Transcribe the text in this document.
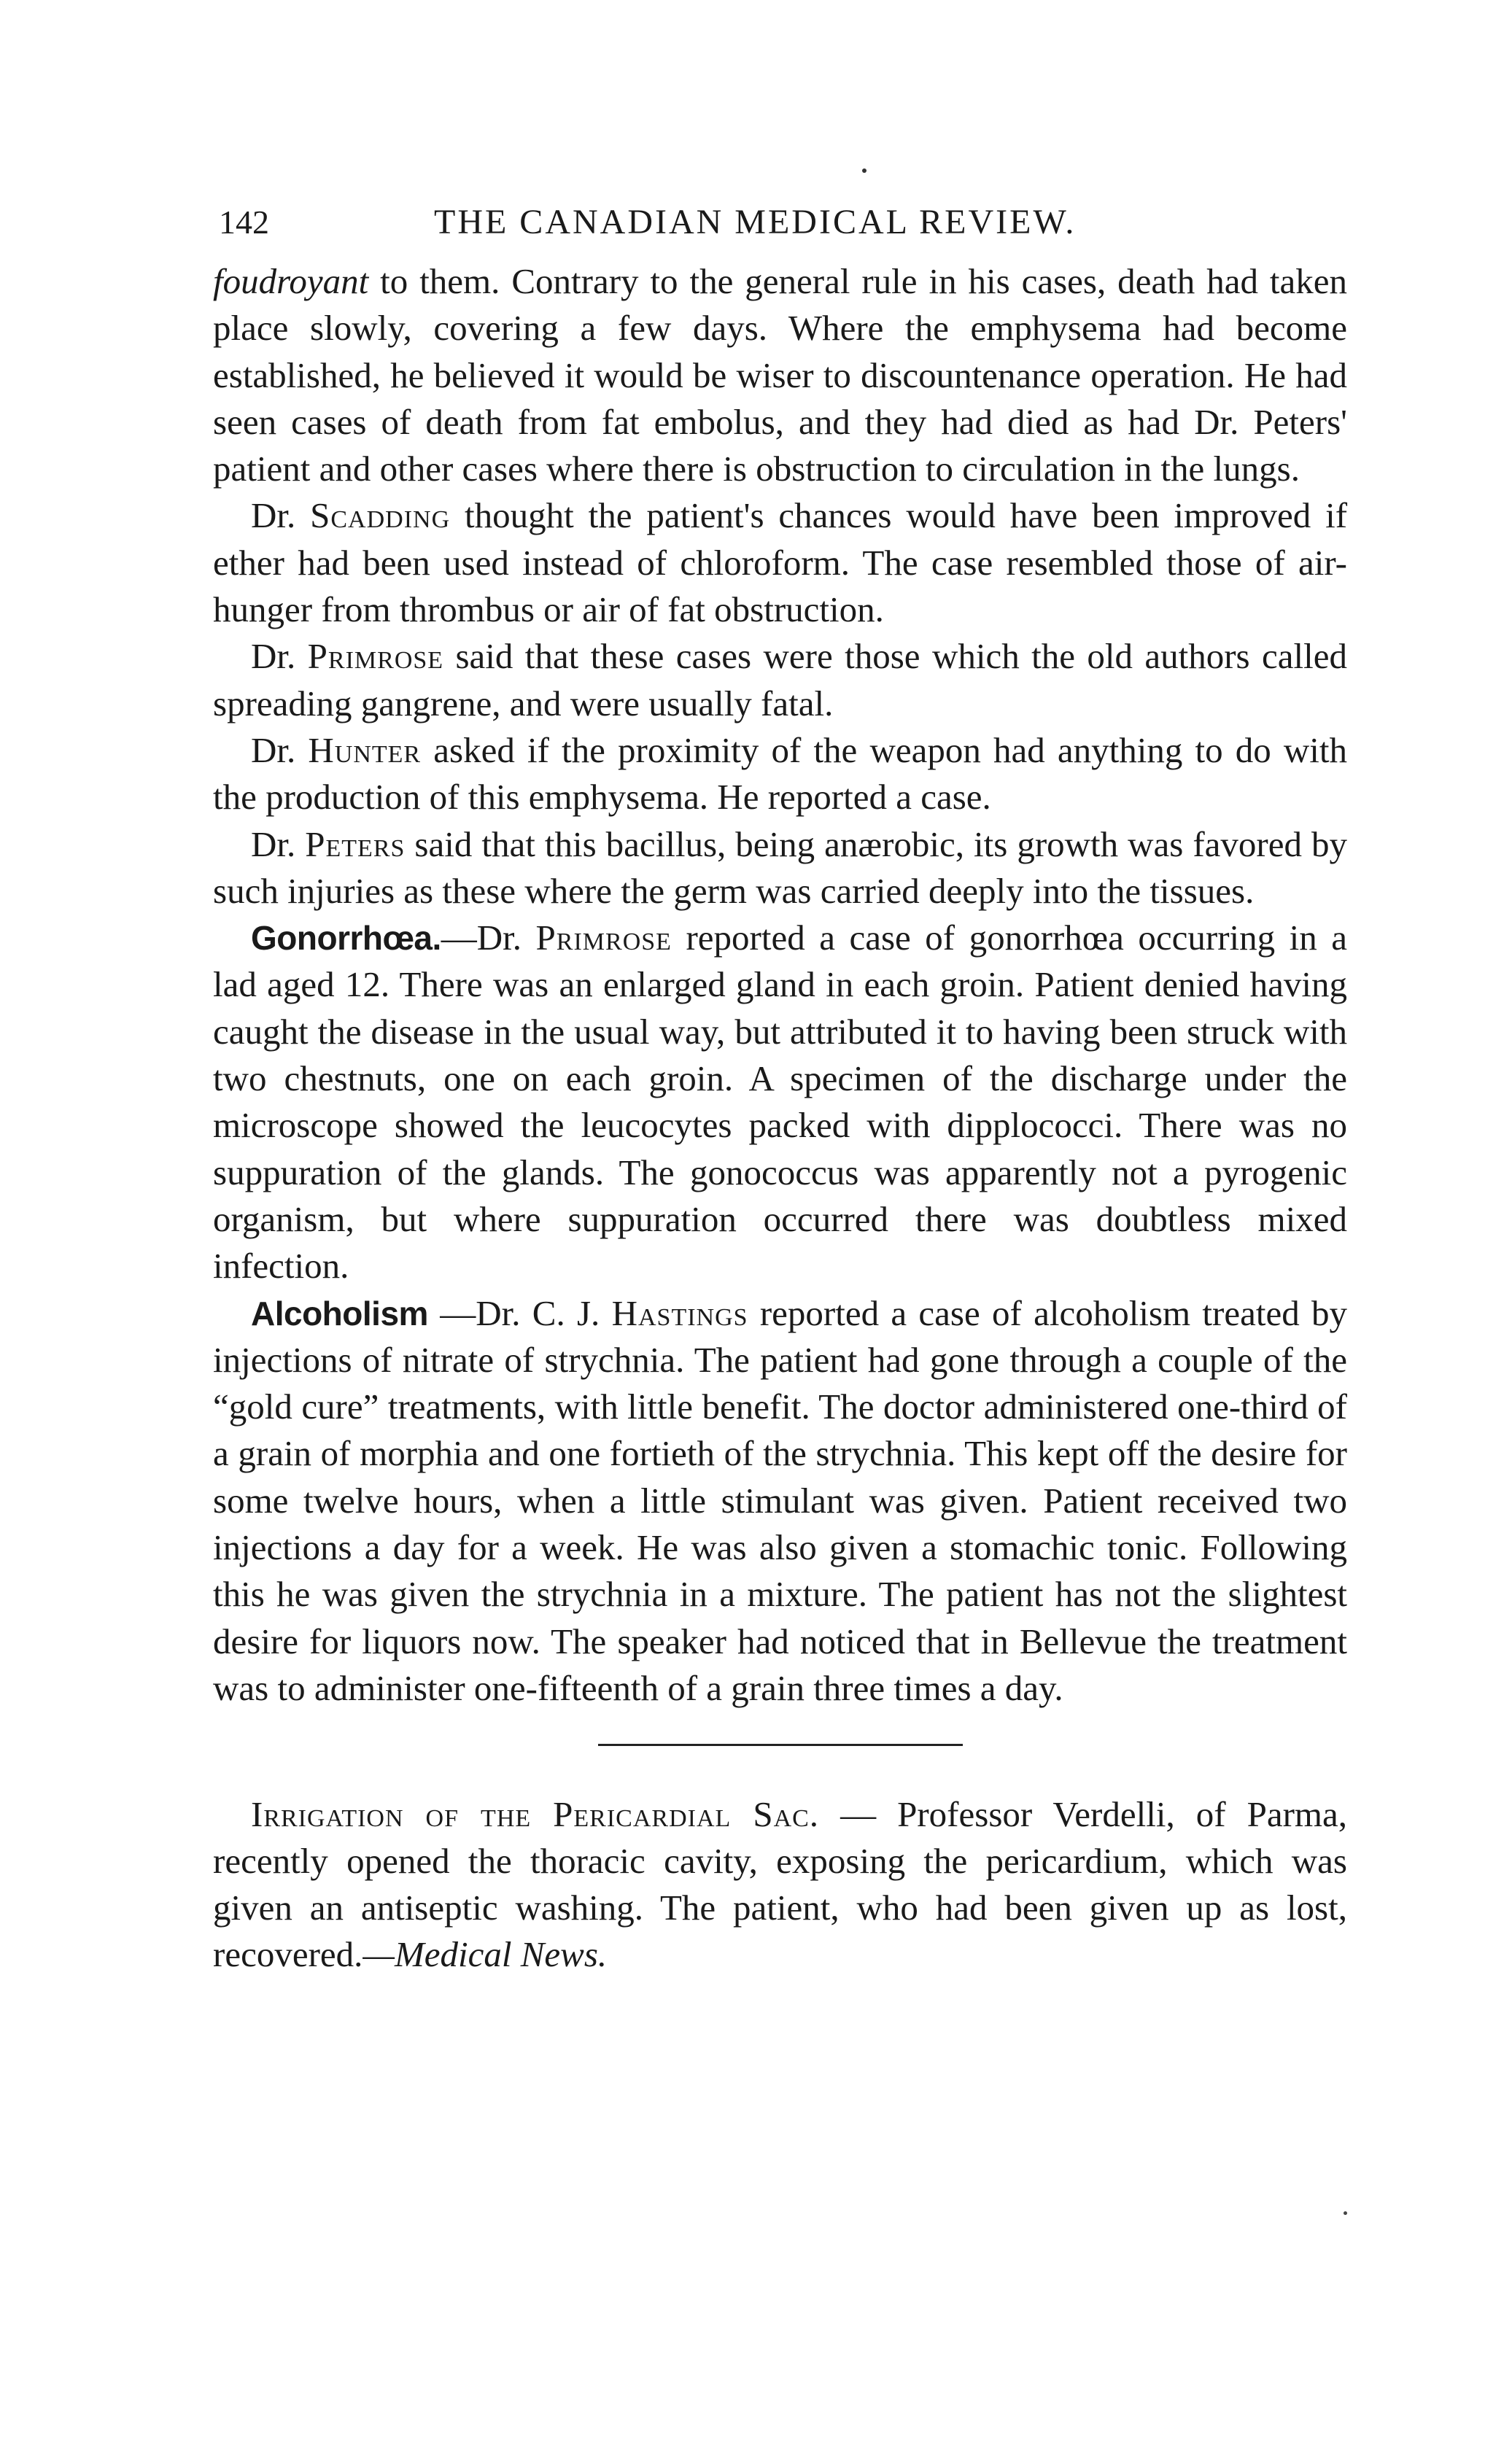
142	THE CANADIAN MEDICAL REVIEW.

foudroyant to them. Contrary to the general rule in his cases, death had taken place slowly, covering a few days. Where the emphysema had become established, he believed it would be wiser to discountenance operation. He had seen cases of death from fat embolus, and they had died as had Dr. Peters' patient and other cases where there is obstruction to circulation in the lungs.

Dr. Scadding thought the patient's chances would have been improved if ether had been used instead of chloroform. The case resembled those of air-hunger from thrombus or air of fat obstruction.

Dr. Primrose said that these cases were those which the old authors called spreading gangrene, and were usually fatal.

Dr. Hunter asked if the proximity of the weapon had anything to do with the production of this emphysema. He reported a case.

Dr. Peters said that this bacillus, being anærobic, its growth was favored by such injuries as these where the germ was carried deeply into the tissues.

Gonorrhœa.—Dr. Primrose reported a case of gonorrhœa occurring in a lad aged 12. There was an enlarged gland in each groin. Patient denied having caught the disease in the usual way, but attributed it to having been struck with two chestnuts, one on each groin. A specimen of the discharge under the microscope showed the leucocytes packed with dipplococci. There was no suppuration of the glands. The gonococcus was apparently not a pyrogenic organism, but where suppuration occurred there was doubtless mixed infection.

Alcoholism —Dr. C. J. Hastings reported a case of alcoholism treated by injections of nitrate of strychnia. The patient had gone through a couple of the “gold cure” treatments, with little benefit. The doctor administered one-third of a grain of morphia and one fortieth of the strychnia. This kept off the desire for some twelve hours, when a little stimulant was given. Patient received two injections a day for a week. He was also given a stomachic tonic. Following this he was given the strychnia in a mixture. The patient has not the slightest desire for liquors now. The speaker had noticed that in Bellevue the treatment was to administer one-fifteenth of a grain three times a day.

Irrigation of the Pericardial Sac. — Professor Verdelli, of Parma, recently opened the thoracic cavity, exposing the pericardium, which was given an antiseptic washing. The patient, who had been given up as lost, recovered.—Medical News.
